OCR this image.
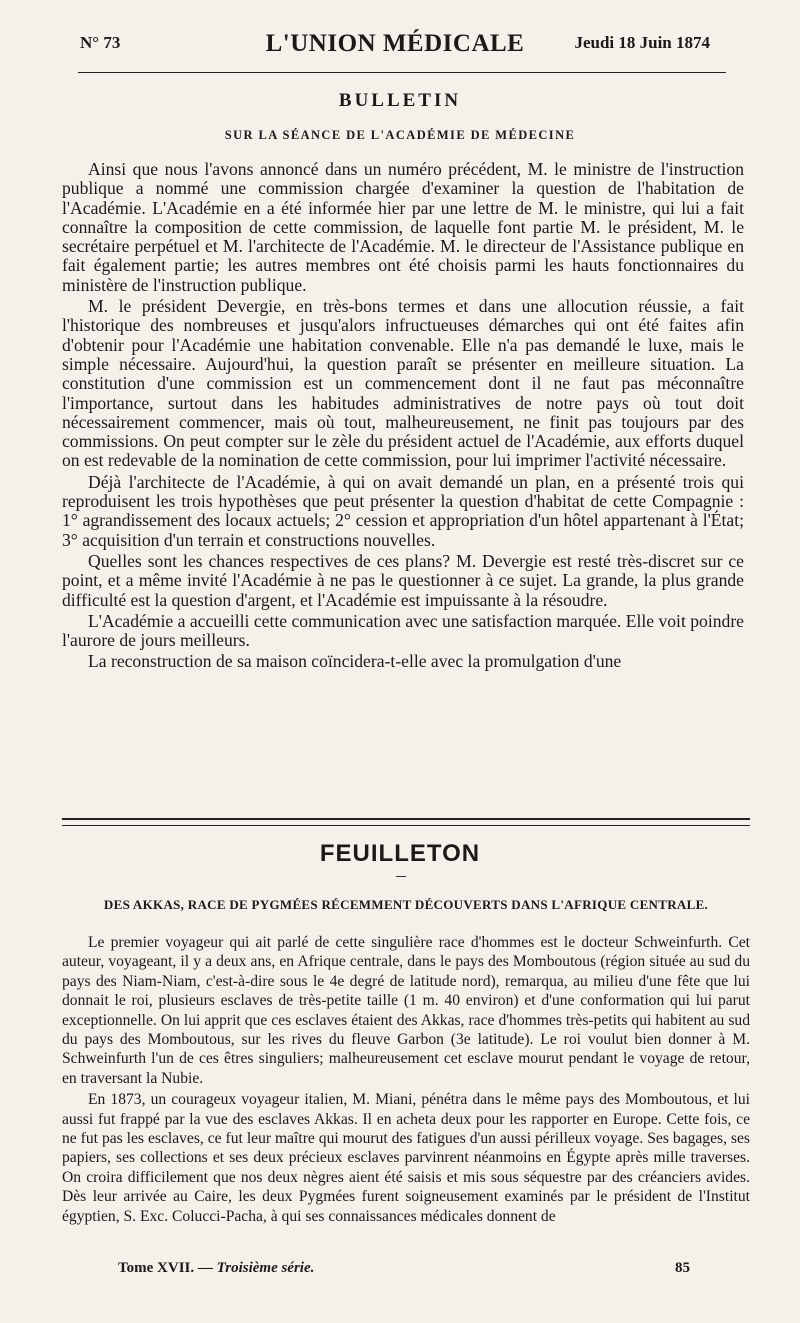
N° 73	L'UNION MÉDICALE	Jeudi 18 Juin 1874
BULLETIN
SUR LA SÉANCE DE L'ACADÉMIE DE MÉDECINE

Ainsi que nous l'avons annoncé dans un numéro précédent, M. le ministre de l'instruction publique a nommé une commission chargée d'examiner la question de l'habitation de l'Académie. L'Académie en a été informée hier par une lettre de M. le ministre, qui lui a fait connaître la composition de cette commission, de laquelle font partie M. le président, M. le secrétaire perpétuel et M. l'architecte de l'Académie. M. le directeur de l'Assistance publique en fait également partie; les autres membres ont été choisis parmi les hauts fonctionnaires du ministère de l'instruction publique.

M. le président Devergie, en très-bons termes et dans une allocution réussie, a fait l'historique des nombreuses et jusqu'alors infructueuses démarches qui ont été faites afin d'obtenir pour l'Académie une habitation convenable. Elle n'a pas demandé le luxe, mais le simple nécessaire. Aujourd'hui, la question paraît se présenter en meilleure situation. La constitution d'une commission est un commencement dont il ne faut pas méconnaître l'importance, surtout dans les habitudes administratives de notre pays où tout doit nécessairement commencer, mais où tout, malheureusement, ne finit pas toujours par des commissions. On peut compter sur le zèle du président actuel de l'Académie, aux efforts duquel on est redevable de la nomination de cette commission, pour lui imprimer l'activité nécessaire.

Déjà l'architecte de l'Académie, à qui on avait demandé un plan, en a présenté trois qui reproduisent les trois hypothèses que peut présenter la question d'habitat de cette Compagnie : 1° agrandissement des locaux actuels; 2° cession et appropriation d'un hôtel appartenant à l'État; 3° acquisition d'un terrain et constructions nouvelles.

Quelles sont les chances respectives de ces plans? M. Devergie est resté très-discret sur ce point, et a même invité l'Académie à ne pas le questionner à ce sujet. La grande, la plus grande difficulté est la question d'argent, et l'Académie est impuissante à la résoudre.

L'Académie a accueilli cette communication avec une satisfaction marquée. Elle voit poindre l'aurore de jours meilleurs.

La reconstruction de sa maison coïncidera-t-elle avec la promulgation d'une

FEUILLETON
DES AKKAS, RACE DE PYGMÉES RÉCEMMENT DÉCOUVERTS DANS L'AFRIQUE CENTRALE.

Le premier voyageur qui ait parlé de cette singulière race d'hommes est le docteur Schweinfurth. Cet auteur, voyageant, il y a deux ans, en Afrique centrale, dans le pays des Momboutous (région située au sud du pays des Niam-Niam, c'est-à-dire sous le 4e degré de latitude nord), remarqua, au milieu d'une fête que lui donnait le roi, plusieurs esclaves de très-petite taille (1 m. 40 environ) et d'une conformation qui lui parut exceptionnelle. On lui apprit que ces esclaves étaient des Akkas, race d'hommes très-petits qui habitent au sud du pays des Momboutous, sur les rives du fleuve Garbon (3e latitude). Le roi voulut bien donner à M. Schweinfurth l'un de ces êtres singuliers; malheureusement cet esclave mourut pendant le voyage de retour, en traversant la Nubie.

En 1873, un courageux voyageur italien, M. Miani, pénétra dans le même pays des Momboutous, et lui aussi fut frappé par la vue des esclaves Akkas. Il en acheta deux pour les rapporter en Europe. Cette fois, ce ne fut pas les esclaves, ce fut leur maître qui mourut des fatigues d'un aussi périlleux voyage. Ses bagages, ses papiers, ses collections et ses deux précieux esclaves parvinrent néanmoins en Égypte après mille traverses. On croira difficilement que nos deux nègres aient été saisis et mis sous séquestre par des créanciers avides. Dès leur arrivée au Caire, les deux Pygmées furent soigneusement examinés par le président de l'Institut égyptien, S. Exc. Colucci-Pacha, à qui ses connaissances médicales donnent de

Tome XVII. — Troisième série.	85
